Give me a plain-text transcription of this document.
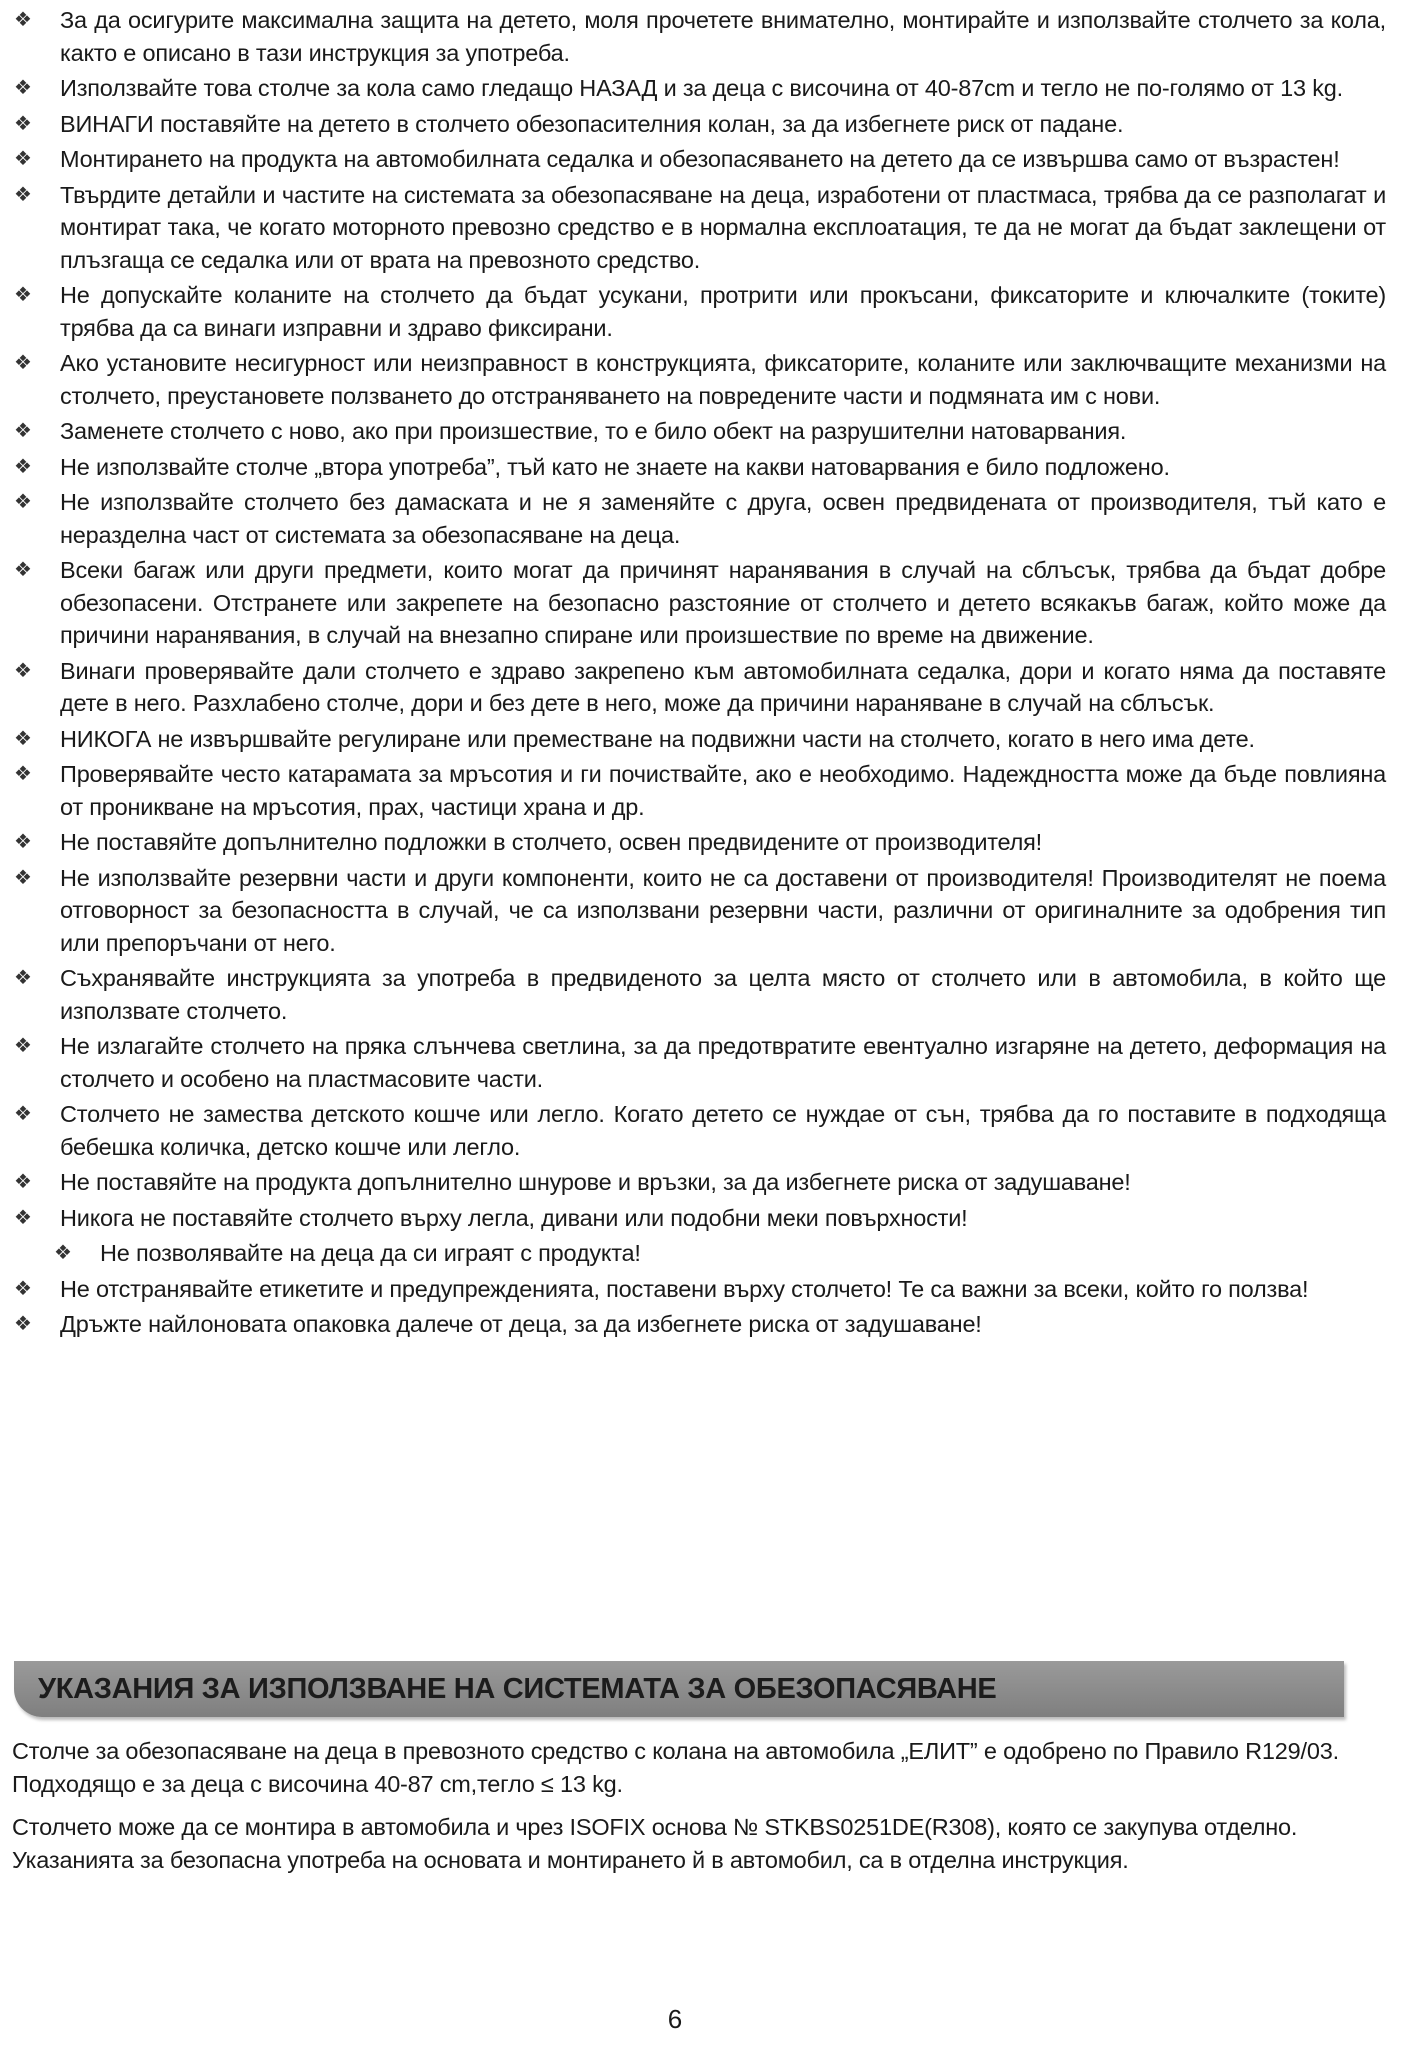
❖ За да осигурите максимална защита на детето, моля прочетете внимателно, монтирайте и използвайте столчето за кола, както е описано в тази инструкция за употреба.
❖ Използвайте това столче за кола само гледащо НАЗАД и за деца с височина от 40-87cm и тегло не по-голямо от 13 kg.
❖ ВИНАГИ поставяйте на детето в столчето обезопасителния колан, за да избегнете риск от падане.
❖ Монтирането на продукта на автомобилната седалка и обезопасяването на детето да се извършва само от възрастен!
❖ Твърдите детайли и частите на системата за обезопасяване на деца, изработени от пластмаса, трябва да се разполагат и монтират така, че когато моторното превозно средство е в нормална експлоатация, те да не могат да бъдат заклещени от плъзгаща се седалка или от врата на превозното средство.
❖ Не допускайте коланите на столчето да бъдат усукани, протрити или прокъсани, фиксаторите и ключалките (токите) трябва да са винаги изправни и здраво фиксирани.
❖ Ако установите несигурност или неизправност в конструкцията, фиксаторите, коланите или заключващите механизми на столчето, преустановете ползването до отстраняването на повредените части и подмяната им с нови.
❖ Заменете столчето с ново, ако при произшествие, то е било обект на разрушителни натоварвания.
❖ Не използвайте столче „втора употреба”, тъй като не знаете на какви натоварвания е било подложено.
❖ Не използвайте столчето без дамаската и не я заменяйте с друга, освен предвидената от производителя, тъй като е неразделна част от системата за обезопасяване на деца.
❖ Всеки багаж или други предмети, които могат да причинят наранявания в случай на сблъсък, трябва да бъдат добре обезопасени. Отстранете или закрепете на безопасно разстояние от столчето и детето всякакъв багаж, който може да причини наранявания, в случай на внезапно спиране или произшествие по време на движение.
❖ Винаги проверявайте дали столчето е здраво закрепено към автомобилната седалка, дори и когато няма да поставяте дете в него. Разхлабено столче, дори и без дете в него, може да причини нараняване в случай на сблъсък.
❖ НИКОГА не извършвайте регулиране или преместване на подвижни части на столчето, когато в него има дете.
❖ Проверявайте често катарамата за мръсотия и ги почиствайте, ако е необходимо. Надеждността може да бъде повлияна от проникване на мръсотия, прах, частици храна и др.
❖ Не поставяйте допълнително подложки в столчето, освен предвидените от производителя!
❖ Не използвайте резервни части и други компоненти, които не са доставени от производителя! Производителят не поема отговорност за безопасността в случай, че са използвани резервни части, различни от оригиналните за одобрения тип или препоръчани от него.
❖ Съхранявайте инструкцията за употреба в предвиденото за целта място от столчето или в автомобила, в който ще използвате столчето.
❖ Не излагайте столчето на пряка слънчева светлина, за да предотвратите евентуално изгаряне на детето, деформация на столчето и особено на пластмасовите части.
❖ Столчето не замества детското кошче или легло. Когато детето се нуждае от сън, трябва да го поставите в подходяща бебешка количка, детско кошче или легло.
❖ Не поставяйте на продукта допълнително шнурове и връзки, за да избегнете риска от задушаване!
❖ Никога не поставяйте столчето върху легла, дивани или подобни меки повърхности!
❖ Не позволявайте на деца да си играят с продукта!
❖ Не отстранявайте етикетите и предупрежденията, поставени върху столчето! Те са важни за всеки, който го ползва!
❖ Дръжте найлоновата опаковка далече от деца, за да избегнете риска от задушаване!
УКАЗАНИЯ ЗА ИЗПОЛЗВАНЕ НА СИСТЕМАТА ЗА ОБЕЗОПАСЯВАНЕ
Столче за обезопасяване на деца в превозното средство с колана на автомобила „ЕЛИТ” е одобрено по Правило R129/03. Подходящо е за деца с височина 40-87 cm,тегло ≤ 13 kg.
Столчето може да се монтира в автомобила и чрез ISOFIX основа № STKBS0251DE(R308), която се закупува отделно. Указанията за безопасна употреба на основата и монтирането й в автомобил, са в отделна инструкция.
6
